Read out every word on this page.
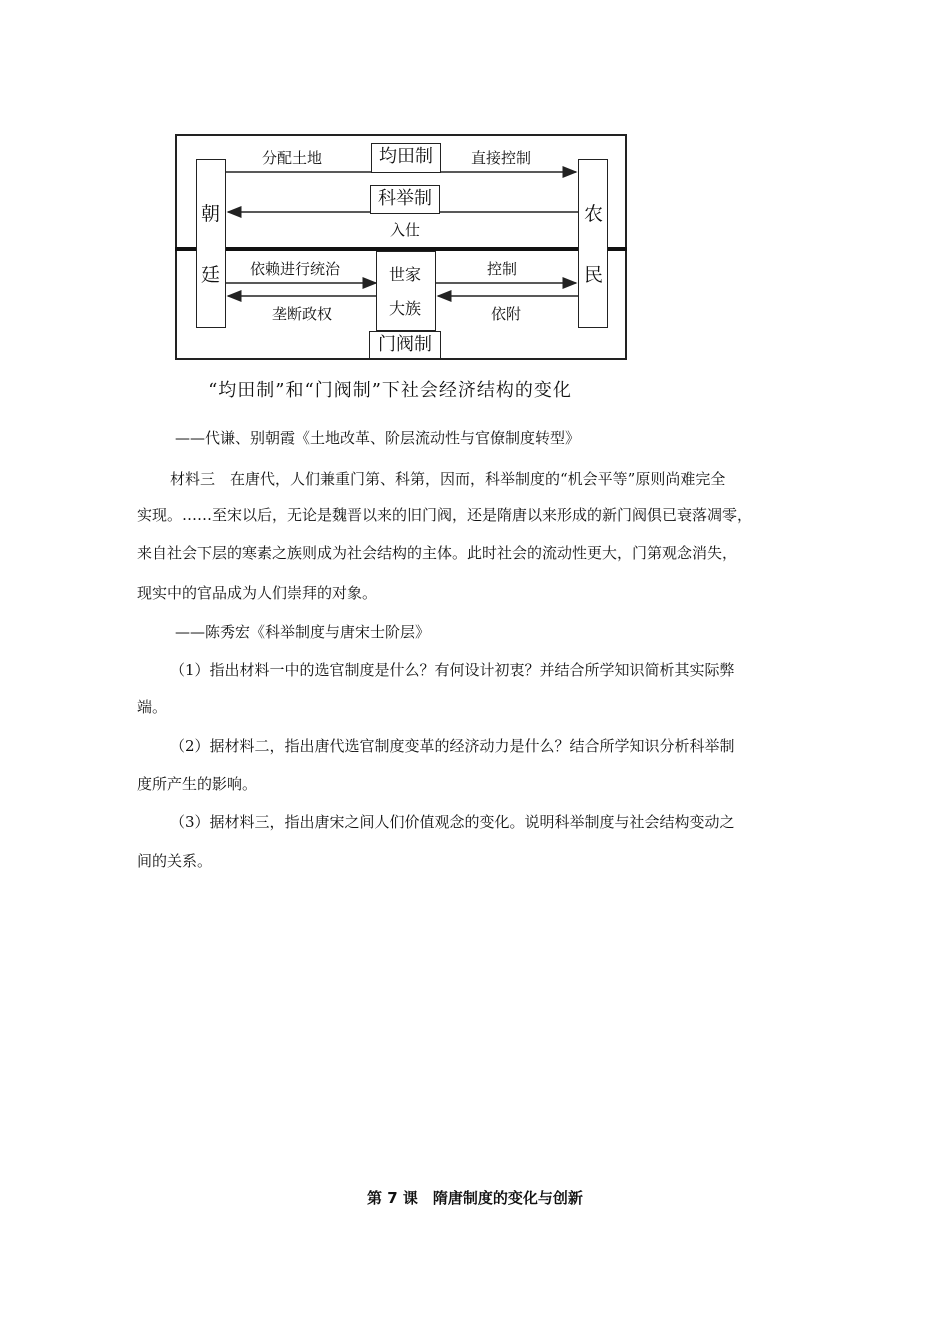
朝
廷
农
民
世家
大族
均田制
科举制
门阀制
分配土地	直接控制
入仕
依赖进行统治
垄断政权
控制
依附
“均田制”和“门阀制”下社会经济结构的变化
——代谦、别朝霞《土地改革、阶层流动性与官僚制度转型》
材料三　在唐代，人们兼重门第、科第，因而，科举制度的“机会平等”原则尚难完全
实现。……至宋以后，无论是魏晋以来的旧门阀，还是隋唐以来形成的新门阀俱已衰落凋零，
来自社会下层的寒素之族则成为社会结构的主体。此时社会的流动性更大，门第观念消失，
现实中的官品成为人们崇拜的对象。
——陈秀宏《科举制度与唐宋士阶层》
（1）指出材料一中的选官制度是什么？有何设计初衷？并结合所学知识简析其实际弊
端。
（2）据材料二，指出唐代选官制度变革的经济动力是什么？结合所学知识分析科举制
度所产生的影响。
（3）据材料三，指出唐宋之间人们价值观念的变化。说明科举制度与社会结构变动之
间的关系。
第 7 课　隋唐制度的变化与创新
